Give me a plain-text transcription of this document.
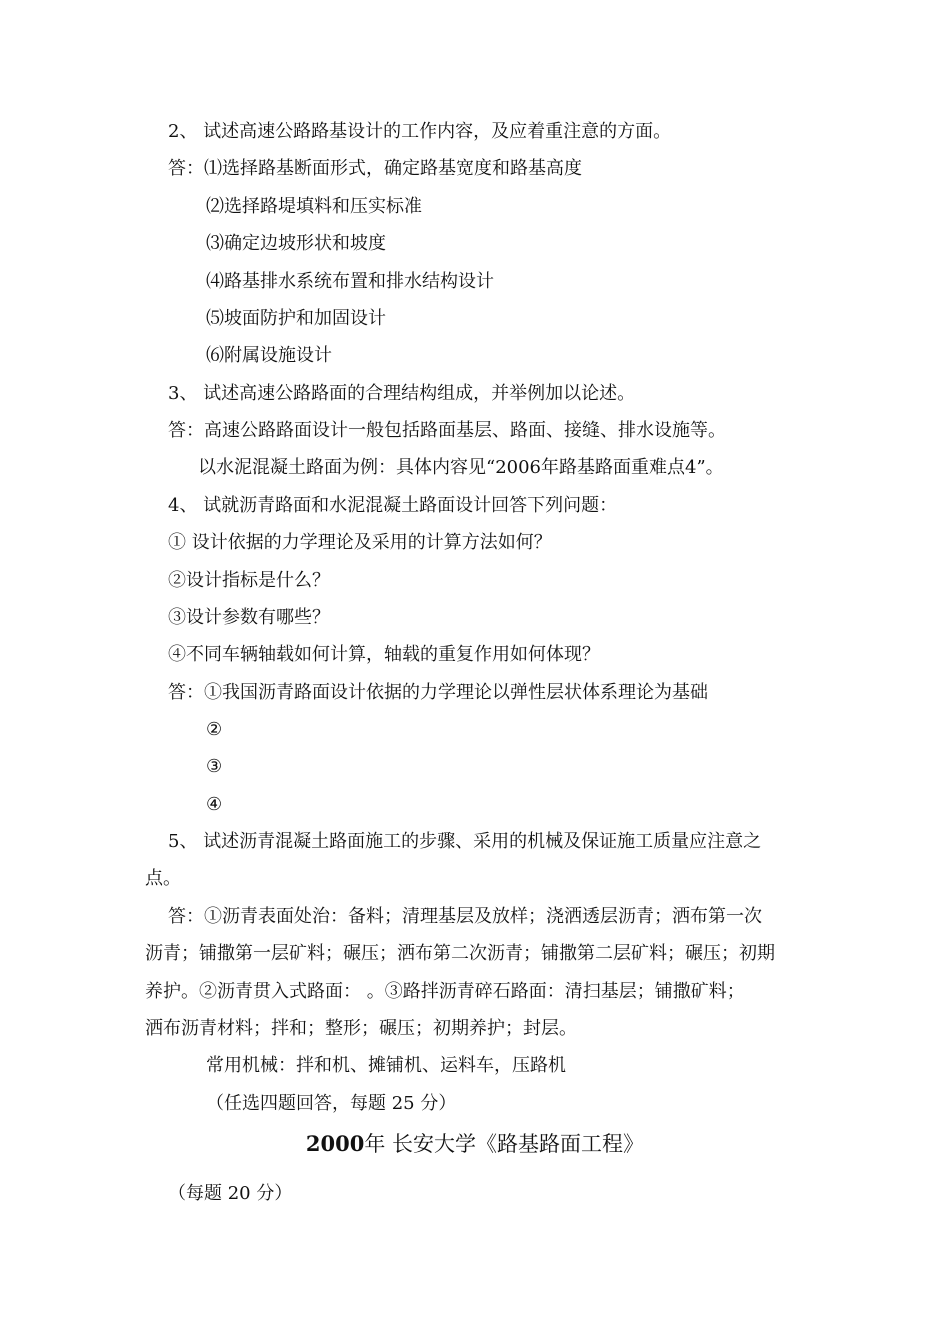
2、 试述高速公路路基设计的工作内容，及应着重注意的方面。
答：⑴选择路基断面形式，确定路基宽度和路基高度
⑵选择路堤填料和压实标准
⑶确定边坡形状和坡度
⑷路基排水系统布置和排水结构设计
⑸坡面防护和加固设计
⑹附属设施设计
3、 试述高速公路路面的合理结构组成，并举例加以论述。
答：高速公路路面设计一般包括路面基层、路面、接缝、排水设施等。
以水泥混凝土路面为例：具体内容见“2006年路基路面重难点4”。
4、 试就沥青路面和水泥混凝土路面设计回答下列问题：
① 设计依据的力学理论及采用的计算方法如何？
②设计指标是什么？
③设计参数有哪些？
④不同车辆轴载如何计算，轴载的重复作用如何体现？
答：①我国沥青路面设计依据的力学理论以弹性层状体系理论为基础
②
③
④
5、 试述沥青混凝土路面施工的步骤、采用的机械及保证施工质量应注意之
点。
答：①沥青表面处治：备料；清理基层及放样；浇洒透层沥青；洒布第一次
沥青；铺撒第一层矿料；碾压；洒布第二次沥青；铺撒第二层矿料；碾压；初期
养护。②沥青贯入式路面： 。③路拌沥青碎石路面：清扫基层；铺撒矿料；
洒布沥青材料；拌和；整形；碾压；初期养护；封层。
常用机械：拌和机、摊铺机、运料车，压路机
（任选四题回答，每题 25 分）
2000年 长安大学《路基路面工程》
（每题 20 分）
